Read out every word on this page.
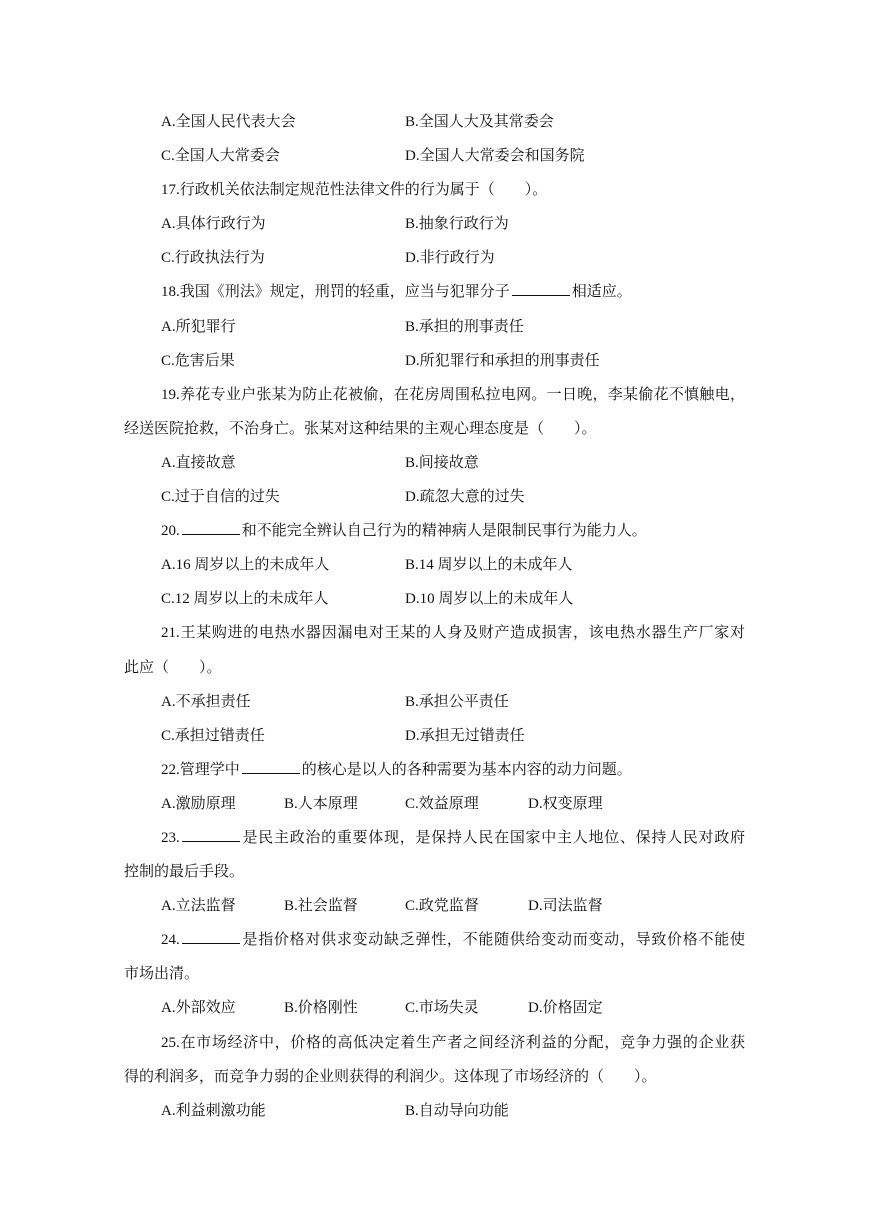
A.全国人民代表大会	B.全国人大及其常委会
C.全国人大常委会	D.全国人大常委会和国务院
17.行政机关依法制定规范性法律文件的行为属于（　　）。
A.具体行政行为	B.抽象行政行为
C.行政执法行为	D.非行政行为
18.我国《刑法》规定，刑罚的轻重，应当与犯罪分子	相适应。
A.所犯罪行	B.承担的刑事责任
C.危害后果	D.所犯罪行和承担的刑事责任
19.养花专业户张某为防止花被偷，在花房周围私拉电网。一日晚，李某偷花不慎触电，
经送医院抢救，不治身亡。张某对这种结果的主观心理态度是（　　）。
A.直接故意	B.间接故意
C.过于自信的过失	D.疏忽大意的过失
20.	和不能完全辨认自己行为的精神病人是限制民事行为能力人。
A.16 周岁以上的未成年人	B.14 周岁以上的未成年人
C.12 周岁以上的未成年人	D.10 周岁以上的未成年人
21.王某购进的电热水器因漏电对王某的人身及财产造成损害，该电热水器生产厂家对
此应（　　）。
A.不承担责任	B.承担公平责任
C.承担过错责任	D.承担无过错责任
22.管理学中	的核心是以人的各种需要为基本内容的动力问题。
A.激励原理	B.人本原理	C.效益原理	D.权变原理
23.	是民主政治的重要体现，是保持人民在国家中主人地位、保持人民对政府
控制的最后手段。
A.立法监督	B.社会监督	C.政党监督	D.司法监督
24.	是指价格对供求变动缺乏弹性，不能随供给变动而变动，导致价格不能使
市场出清。
A.外部效应	B.价格刚性	C.市场失灵	D.价格固定
25.在市场经济中，价格的高低决定着生产者之间经济利益的分配，竞争力强的企业获
得的利润多，而竞争力弱的企业则获得的利润少。这体现了市场经济的（　　）。
A.利益刺激功能	B.自动导向功能
